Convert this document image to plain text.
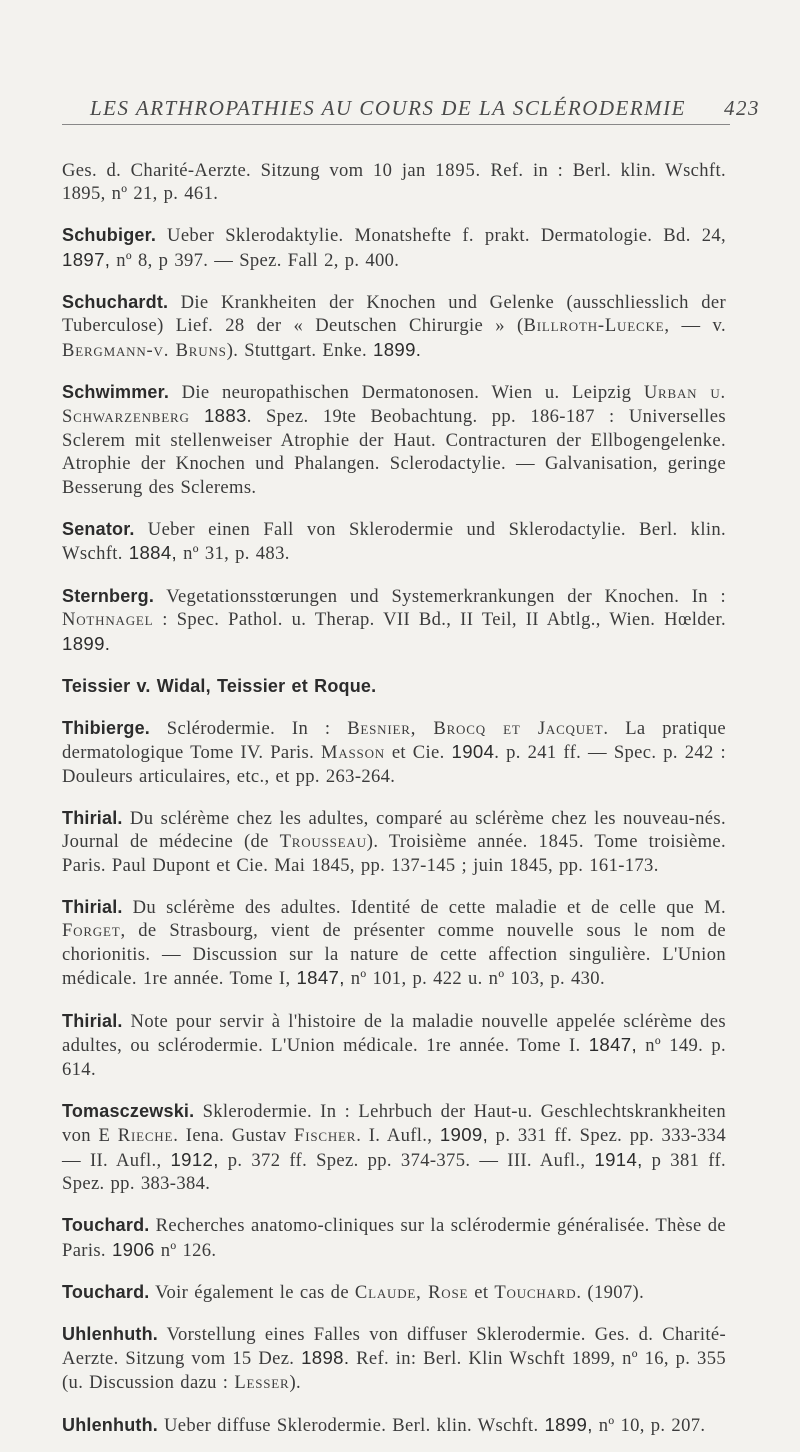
LES ARTHROPATHIES AU COURS DE LA SCLÉRODERMIE 423

Ges. d. Charité-Aerzte. Sitzung vom 10 jan 1895. Ref. in : Berl. klin. Wschft. 1895, nº 21, p. 461.

Schubiger. Ueber Sklerodaktylie. Monatshefte f. prakt. Dermatologie. Bd. 24, 1897, nº 8, p 397. — Spez. Fall 2, p. 400.

Schuchardt. Die Krankheiten der Knochen und Gelenke (ausschliesslich der Tuberculose) Lief. 28 der « Deutschen Chirurgie » (Billroth-Luecke, — v. Bergmann-v. Bruns). Stuttgart. Enke. 1899.

Schwimmer. Die neuropathischen Dermatonosen. Wien u. Leipzig Urban u. Schwarzenberg 1883. Spez. 19te Beobachtung. pp. 186-187 : Universelles Sclerem mit stellenweiser Atrophie der Haut. Contracturen der Ellbogengelenke. Atrophie der Knochen und Phalangen. Sclerodactylie. — Galvanisation, geringe Besserung des Sclerems.

Senator. Ueber einen Fall von Sklerodermie und Sklerodactylie. Berl. klin. Wschft. 1884, nº 31, p. 483.

Sternberg. Vegetationsstœrungen und Systemerkrankungen der Knochen. In : Nothnagel : Spec. Pathol. u. Therap. VII Bd., II Teil, II Abtlg., Wien. Hœlder. 1899.

Teissier v. Widal, Teissier et Roque.

Thibierge. Sclérodermie. In : Besnier, Brocq et Jacquet. La pratique dermatologique Tome IV. Paris. Masson et Cie. 1904. p. 241 ff. — Spec. p. 242 : Douleurs articulaires, etc., et pp. 263-264.

Thirial. Du sclérème chez les adultes, comparé au sclérème chez les nouveau-nés. Journal de médecine (de Trousseau). Troisième année. 1845. Tome troisième. Paris. Paul Dupont et Cie. Mai 1845, pp. 137-145 ; juin 1845, pp. 161-173.

Thirial. Du sclérème des adultes. Identité de cette maladie et de celle que M. Forget, de Strasbourg, vient de présenter comme nouvelle sous le nom de chorionitis. — Discussion sur la nature de cette affection singulière. L'Union médicale. 1re année. Tome I, 1847, nº 101, p. 422 u. nº 103, p. 430.

Thirial. Note pour servir à l'histoire de la maladie nouvelle appelée sclérème des adultes, ou sclérodermie. L'Union médicale. 1re année. Tome I. 1847, nº 149. p. 614.

Tomasczewski. Sklerodermie. In : Lehrbuch der Haut-u. Geschlechtskrankheiten von E Rieche. Iena. Gustav Fischer. I. Aufl., 1909, p. 331 ff. Spez. pp. 333-334 — II. Aufl., 1912, p. 372 ff. Spez. pp. 374-375. — III. Aufl., 1914, p 381 ff. Spez. pp. 383-384.

Touchard. Recherches anatomo-cliniques sur la sclérodermie généralisée. Thèse de Paris. 1906 nº 126.

Touchard. Voir également le cas de Claude, Rose et Touchard. (1907).

Uhlenhuth. Vorstellung eines Falles von diffuser Sklerodermie. Ges. d. Charité-Aerzte. Sitzung vom 15 Dez. 1898. Ref. in: Berl. Klin Wschft 1899, nº 16, p. 355 (u. Discussion dazu : Lesser).

Uhlenhuth. Ueber diffuse Sklerodermie. Berl. klin. Wschft. 1899, nº 10, p. 207.
